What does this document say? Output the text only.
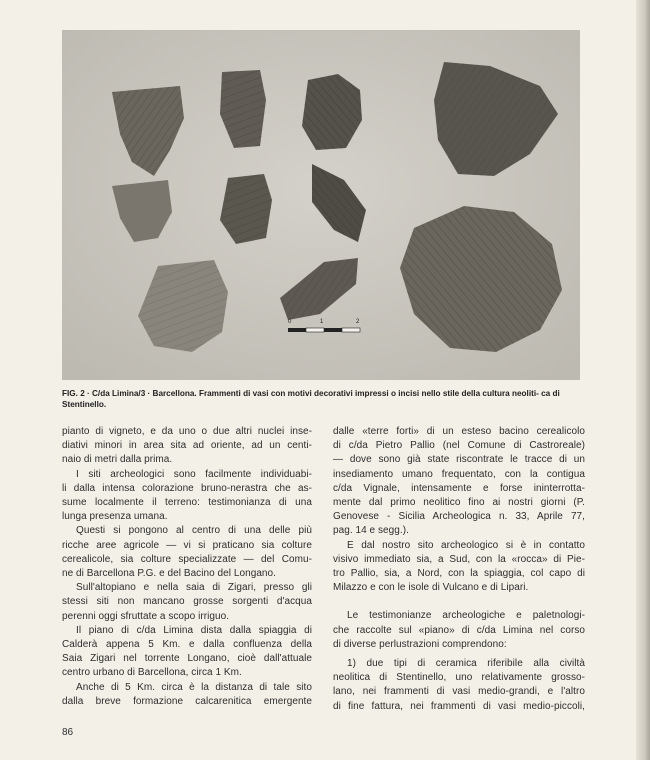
0	1	2
FIG. 2 · C/da Limina/3 · Barcellona. Frammenti di vasi con motivi decorativi impressi o incisi nello stile della cultura neoliti- ca di Stentinello.

pianto di vigneto, e da uno o due altri nuclei inse-
diativi minori in area sita ad oriente, ad un centi-
naio di metri dalla prima.

I siti archeologici sono facilmente individuabi-
li dalla intensa colorazione bruno-nerastra che as-
sume localmente il terreno: testimonianza di una
lunga presenza umana.

Questi si pongono al centro di una delle più
ricche aree agricole — vi si praticano sia colture
cerealicole, sia colture specializzate — del Comu-
ne di Barcellona P.G. e del Bacino del Longano.

Sull'altopiano e nella saia di Zigari, presso gli
stessi siti non mancano grosse sorgenti d'acqua
perenni oggi sfruttate a scopo irriguo.

Il piano di c/da Limina dista dalla spiaggia di
Calderà appena 5 Km. e dalla confluenza della
Saia Zigari nel torrente Longano, cioè dall'attuale
centro urbano di Barcellona, circa 1 Km.

Anche di 5 Km. circa è la distanza di tale sito
dalla breve formazione calcarenitica emergente

dalle «terre forti» di un esteso bacino cerealicolo
di c/da Pietro Pallio (nel Comune di Castroreale)
— dove sono già state riscontrate le tracce di un
insediamento umano frequentato, con la contigua
c/da Vignale, intensamente e forse ininterrotta-
mente dal primo neolitico fino ai nostri giorni (P.
Genovese - Sicilia Archeologica n. 33, Aprile 77,
pag. 14 e segg.).

E dal nostro sito archeologico si è in contatto
visivo immediato sia, a Sud, con la «rocca» di Pie-
tro Pallio, sia, a Nord, con la spiaggia, col capo di
Milazzo e con le isole di Vulcano e di Lipari.

Le testimonianze archeologiche e paletnologi-
che raccolte sul «piano» di c/da Limina nel corso
di diverse perlustrazioni comprendono:

1) due tipi di ceramica riferibile alla civiltà
neolitica di Stentinello, uno relativamente grosso-
lano, nei frammenti di vasi medio-grandi, e l'altro
di fine fattura, nei frammenti di vasi medio-piccoli,

86
